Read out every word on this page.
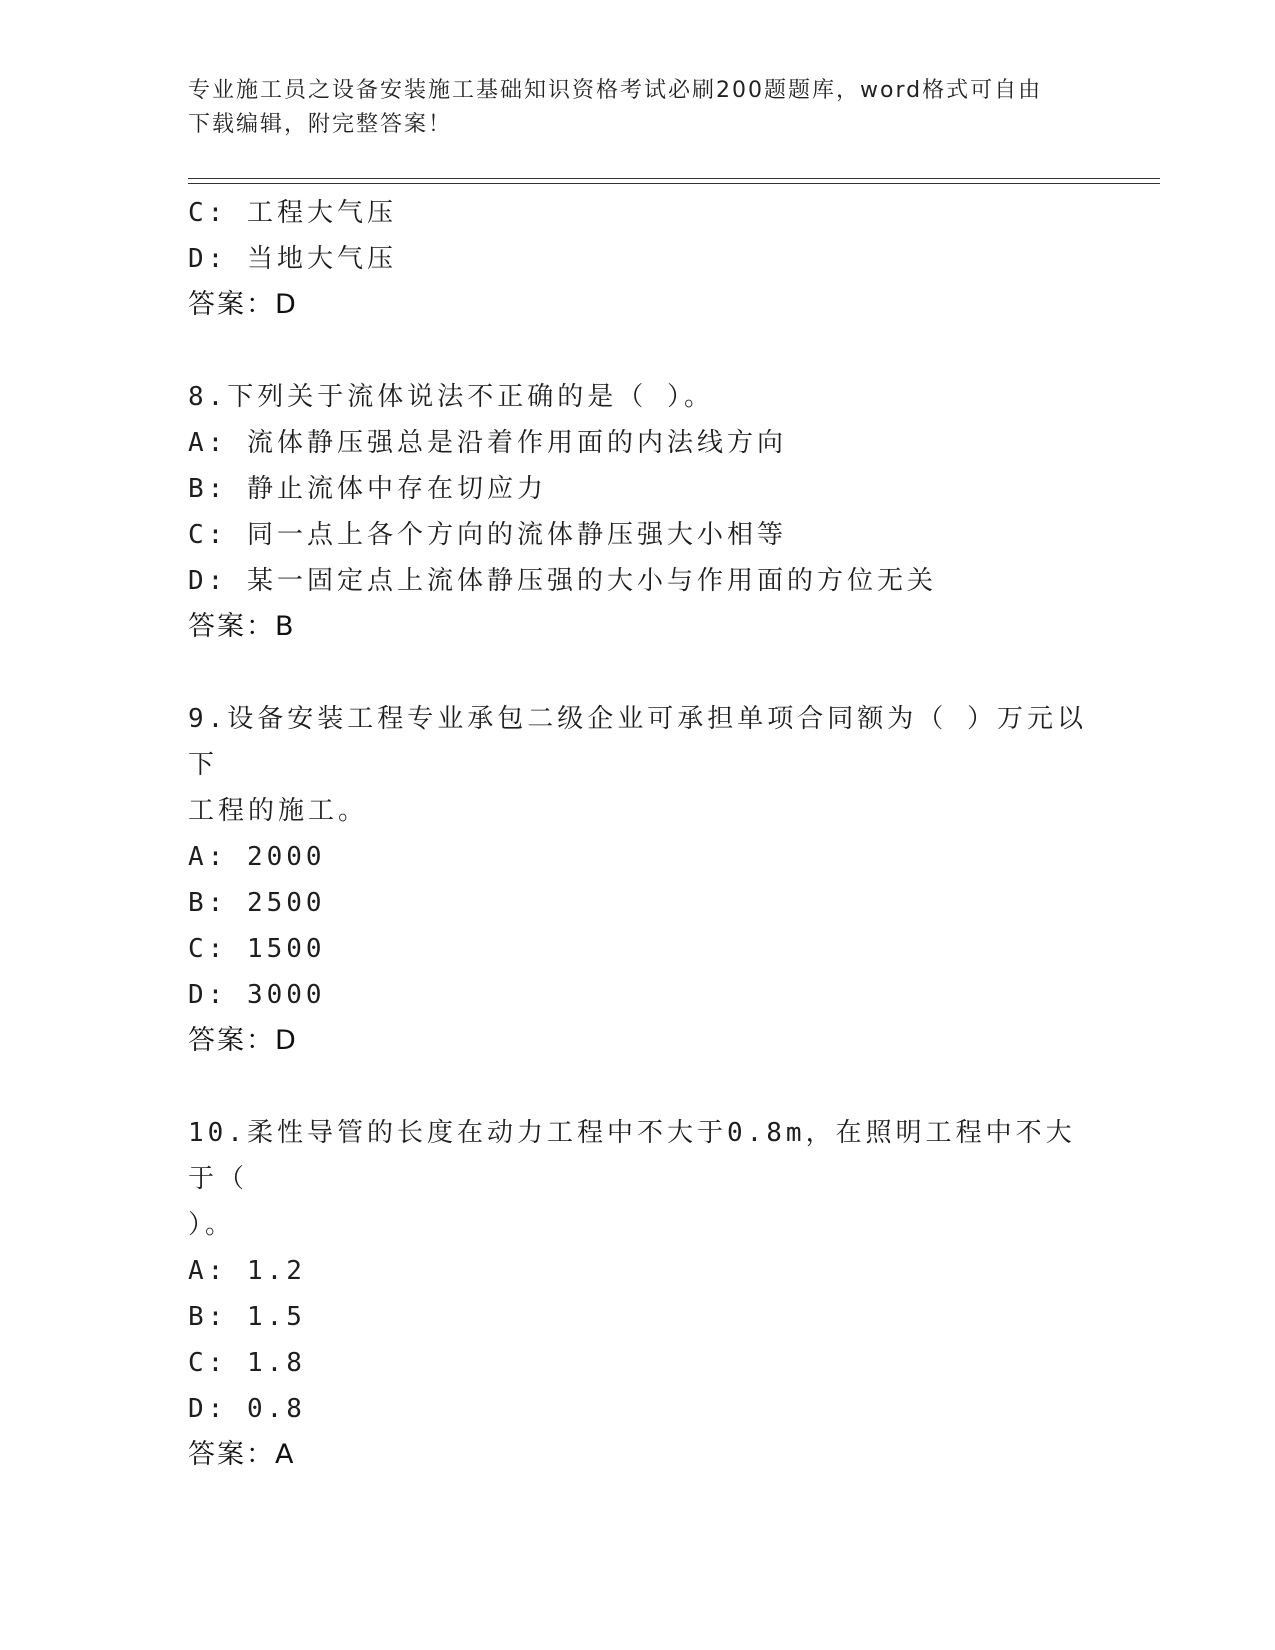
专业施工员之设备安装施工基础知识资格考试必刷200题题库，word格式可自由
下载编辑，附完整答案！
C: 工程大气压
D: 当地大气压
答案：D
8.下列关于流体说法不正确的是（ ）。
A: 流体静压强总是沿着作用面的内法线方向
B: 静止流体中存在切应力
C: 同一点上各个方向的流体静压强大小相等
D: 某一固定点上流体静压强的大小与作用面的方位无关
答案：B
9.设备安装工程专业承包二级企业可承担单项合同额为（ ）万元以下
工程的施工。
A: 2000
B: 2500
C: 1500
D: 3000
答案：D
10.柔性导管的长度在动力工程中不大于0.8m，在照明工程中不大于（
）。
A: 1.2
B: 1.5
C: 1.8
D: 0.8
答案：A
